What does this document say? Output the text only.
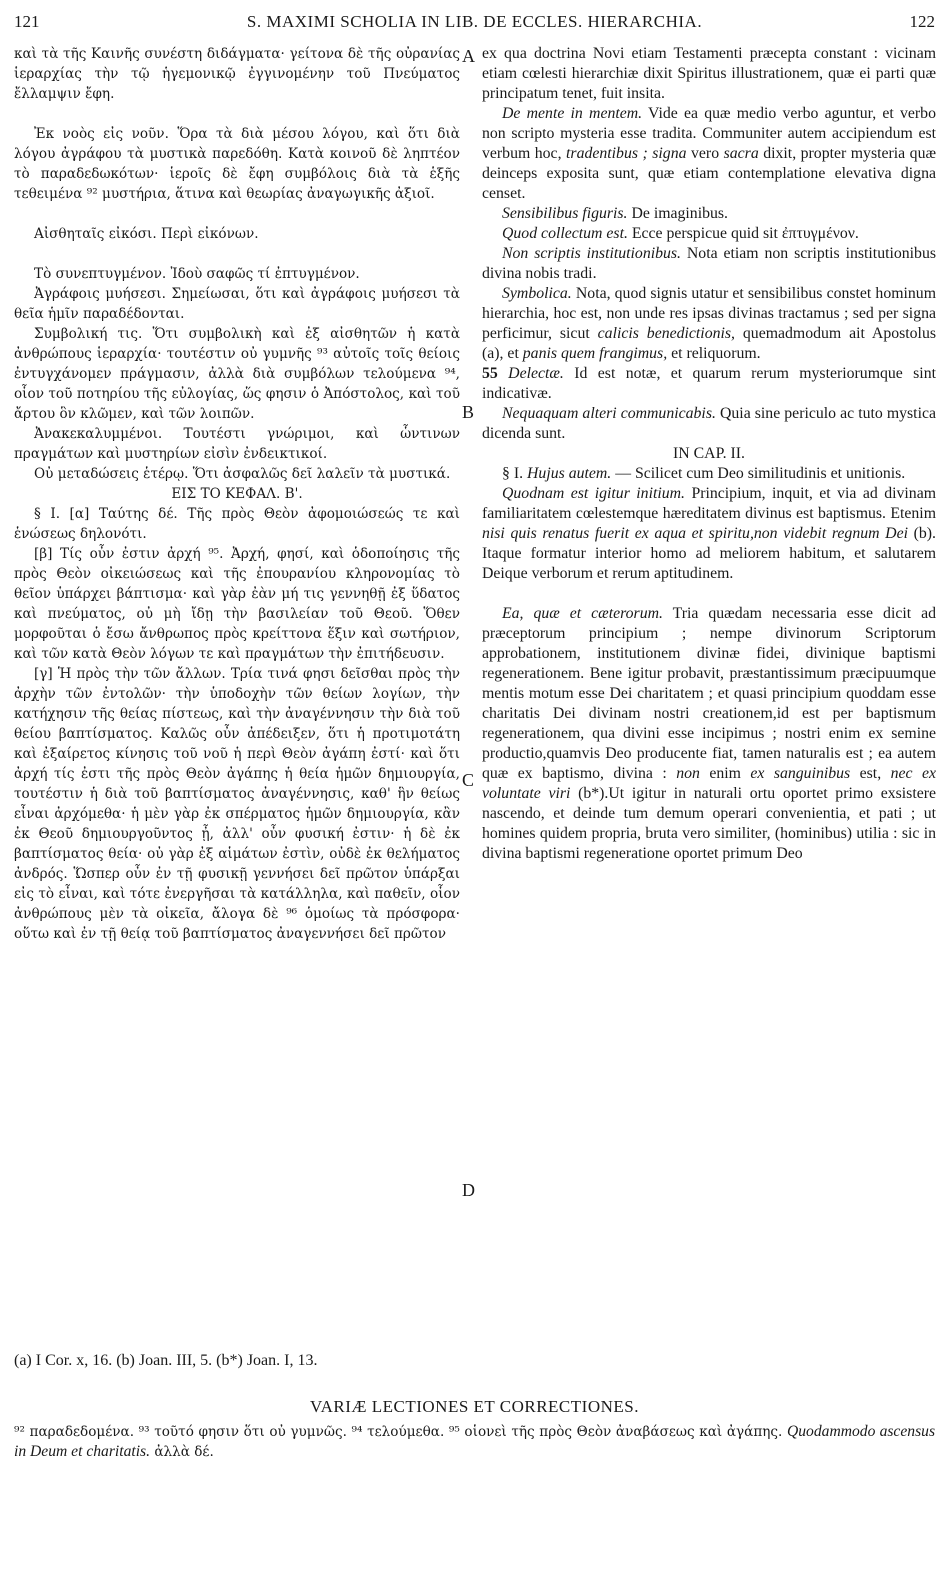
121	S. MAXIMI SCHOLIA IN LIB. DE ECCLES. HIERARCHIA.	122

καὶ τὰ τῆς Καινῆς συνέστη διδάγματα· γείτονα δὲ τῆς οὐρανίας ἱεραρχίας τὴν τῷ ἡγεμονικῷ ἐγγινομένην τοῦ Πνεύματος ἔλλαμψιν ἔφη.

Ἐκ νοὸς εἰς νοῦν. Ὅρα τὰ διὰ μέσου λόγου, καὶ ὅτι διὰ λόγου ἀγράφου τὰ μυστικὰ παρεδόθη. Κατὰ κοινοῦ δὲ ληπτέον τὸ παραδεδωκότων· ἱεροῖς δὲ ἔφη συμβόλοις διὰ τὰ ἑξῆς τεθειμένα ⁹² μυστήρια, ἅτινα καὶ θεωρίας ἀναγωγικῆς ἀξιοῖ.

Αἰσθηταῖς εἰκόσι. Περὶ εἰκόνων.

Τὸ συνεπτυγμένον. Ἰδοὺ σαφῶς τί ἐπτυγμένον.

Ἀγράφοις μυήσεσι. Σημείωσαι, ὅτι καὶ ἀγράφοις μυήσεσι τὰ θεῖα ἡμῖν παραδέδονται.

Συμβολική τις. Ὅτι συμβολικὴ καὶ ἐξ αἰσθητῶν ἡ κατὰ ἀνθρώπους ἱεραρχία· τουτέστιν οὐ γυμνῆς ⁹³ αὐτοῖς τοῖς θείοις ἐντυγχάνομεν πράγμασιν, ἀλλὰ διὰ συμβόλων τελούμενα ⁹⁴, οἷον τοῦ ποτηρίου τῆς εὐλογίας, ὥς φησιν ὁ Ἀπόστολος, καὶ τοῦ ἄρτου ὃν κλῶμεν, καὶ τῶν λοιπῶν.

Ἀνακεκαλυμμένοι. Τουτέστι γνώριμοι, καὶ ὧντινων πραγμάτων καὶ μυστηρίων εἰσὶν ἐνδεικτικοί.

Οὐ μεταδώσεις ἑτέρῳ. Ὅτι ἀσφαλῶς δεῖ λαλεῖν τὰ μυστικά.

ΕΙΣ ΤΟ ΚΕΦΑΛ. Β'.

§ I. [α] Ταύτης δέ. Τῆς πρὸς Θεὸν ἀφομοιώσεώς τε καὶ ἑνώσεως δηλονότι.

[β] Τίς οὖν ἐστιν ἀρχή ⁹⁵. Ἀρχή, φησί, καὶ ὁδοποίησις τῆς πρὸς Θεὸν οἰκειώσεως καὶ τῆς ἐπουρανίου κληρονομίας τὸ θεῖον ὑπάρχει βάπτισμα· καὶ γὰρ ἐὰν μή τις γεννηθῇ ἐξ ὕδατος καὶ πνεύματος, οὐ μὴ ἴδῃ τὴν βασιλείαν τοῦ Θεοῦ. Ὅθεν μορφοῦται ὁ ἔσω ἄνθρωπος πρὸς κρείττονα ἕξιν καὶ σωτήριον, καὶ τῶν κατὰ Θεὸν λόγων τε καὶ πραγμάτων τὴν ἐπιτήδευσιν.

[γ] Ἡ πρὸς τὴν τῶν ἄλλων. Τρία τινά φησι δεῖσθαι πρὸς τὴν ἀρχὴν τῶν ἐντολῶν· τὴν ὑποδοχὴν τῶν θείων λογίων, τὴν κατήχησιν τῆς θείας πίστεως, καὶ τὴν ἀναγέννησιν τὴν διὰ τοῦ θείου βαπτίσματος. Καλῶς οὖν ἀπέδειξεν, ὅτι ἡ προτιμοτάτη καὶ ἐξαίρετος κίνησις τοῦ νοῦ ἡ περὶ Θεὸν ἀγάπη ἐστί· καὶ ὅτι ἀρχή τίς ἐστι τῆς πρὸς Θεὸν ἀγάπης ἡ θεία ἡμῶν δημιουργία, τουτέστιν ἡ διὰ τοῦ βαπτίσματος ἀναγέννησις, καθ' ἣν θείως εἶναι ἀρχόμεθα· ἡ μὲν γὰρ ἐκ σπέρματος ἡμῶν δημιουργία, κἂν ἐκ Θεοῦ δημιουργοῦντος ᾖ, ἀλλ' οὖν φυσική ἐστιν· ἡ δὲ ἐκ βαπτίσματος θεία· οὐ γὰρ ἐξ αἱμάτων ἐστὶν, οὐδὲ ἐκ θελήματος ἀνδρός. Ὥσπερ οὖν ἐν τῇ φυσικῇ γεννήσει δεῖ πρῶτον ὑπάρξαι εἰς τὸ εἶναι, καὶ τότε ἐνεργῆσαι τὰ κατάλληλα, καὶ παθεῖν, οἷον ἀνθρώπους μὲν τὰ οἰκεῖα, ἄλογα δὲ ⁹⁶ ὁμοίως τὰ πρόσφορα· οὕτω καὶ ἐν τῇ θείᾳ τοῦ βαπτίσματος ἀναγεννήσει δεῖ πρῶτον

A
B
C
D

ex qua doctrina Novi etiam Testamenti præcepta constant : vicinam etiam cœlesti hierarchiæ dixit Spiritus illustrationem, quæ ei parti quæ principatum tenet, fuit insita.

De mente in mentem. Vide ea quæ medio verbo aguntur, et verbo non scripto mysteria esse tradita. Communiter autem accipiendum est verbum hoc, tradentibus ; signa vero sacra dixit, propter mysteria quæ deinceps exposita sunt, quæ etiam contemplatione elevativa digna censet.

Sensibilibus figuris. De imaginibus.

Quod collectum est. Ecce perspicue quid sit ἐπτυγμένον.

Non scriptis institutionibus. Nota etiam non scriptis institutionibus divina nobis tradi.

Symbolica. Nota, quod signis utatur et sensibilibus constet hominum hierarchia, hoc est, non unde res ipsas divinas tractamus ; sed per signa perficimur, sicut calicis benedictionis, quemadmodum ait Apostolus (a), et panis quem frangimus, et reliquorum.

55 Delectæ. Id est notæ, et quarum rerum mysteriorumque sint indicativæ.

Nequaquam alteri communicabis. Quia sine periculo ac tuto mystica dicenda sunt.

IN CAP. II.

§ I. Hujus autem. — Scilicet cum Deo similitudinis et unitionis.

Quodnam est igitur initium. Principium, inquit, et via ad divinam familiaritatem cœlestemque hæreditatem divinus est baptismus. Etenim nisi quis renatus fuerit ex aqua et spiritu,non videbit regnum Dei (b). Itaque formatur interior homo ad meliorem habitum, et salutarem Deique verborum et rerum aptitudinem.

Ea, quæ et cæterorum. Tria quædam necessaria esse dicit ad præceptorum principium ; nempe divinorum Scriptorum approbationem, institutionem divinæ fidei, divinique baptismi regenerationem. Bene igitur probavit, præstantissimum præcipuumque mentis motum esse Dei charitatem ; et quasi principium quoddam esse charitatis Dei divinam nostri creationem,id est per baptismum regenerationem, qua divini esse incipimus ; nostri enim ex semine productio,quamvis Deo producente fiat, tamen naturalis est ; ea autem quæ ex baptismo, divina : non enim ex sanguinibus est, nec ex voluntate viri (b*).Ut igitur in naturali ortu oportet primo exsistere nascendo, et deinde tum demum operari convenientia, et pati ; ut homines quidem propria, bruta vero similiter, (hominibus) utilia : sic in divina baptismi regeneratione oportet primum Deo

(a) I Cor. x, 16. (b) Joan. III, 5. (b*) Joan. I, 13.
VARIÆ LECTIONES ET CORRECTIONES.
⁹² παραδεδομένα. ⁹³ τοῦτό φησιν ὅτι οὐ γυμνῶς. ⁹⁴ τελούμεθα. ⁹⁵ οἱονεὶ τῆς πρὸς Θεὸν ἀναβάσεως καὶ ἀγάπης. Quodammodo ascensus in Deum et charitatis. ἀλλὰ δέ.
